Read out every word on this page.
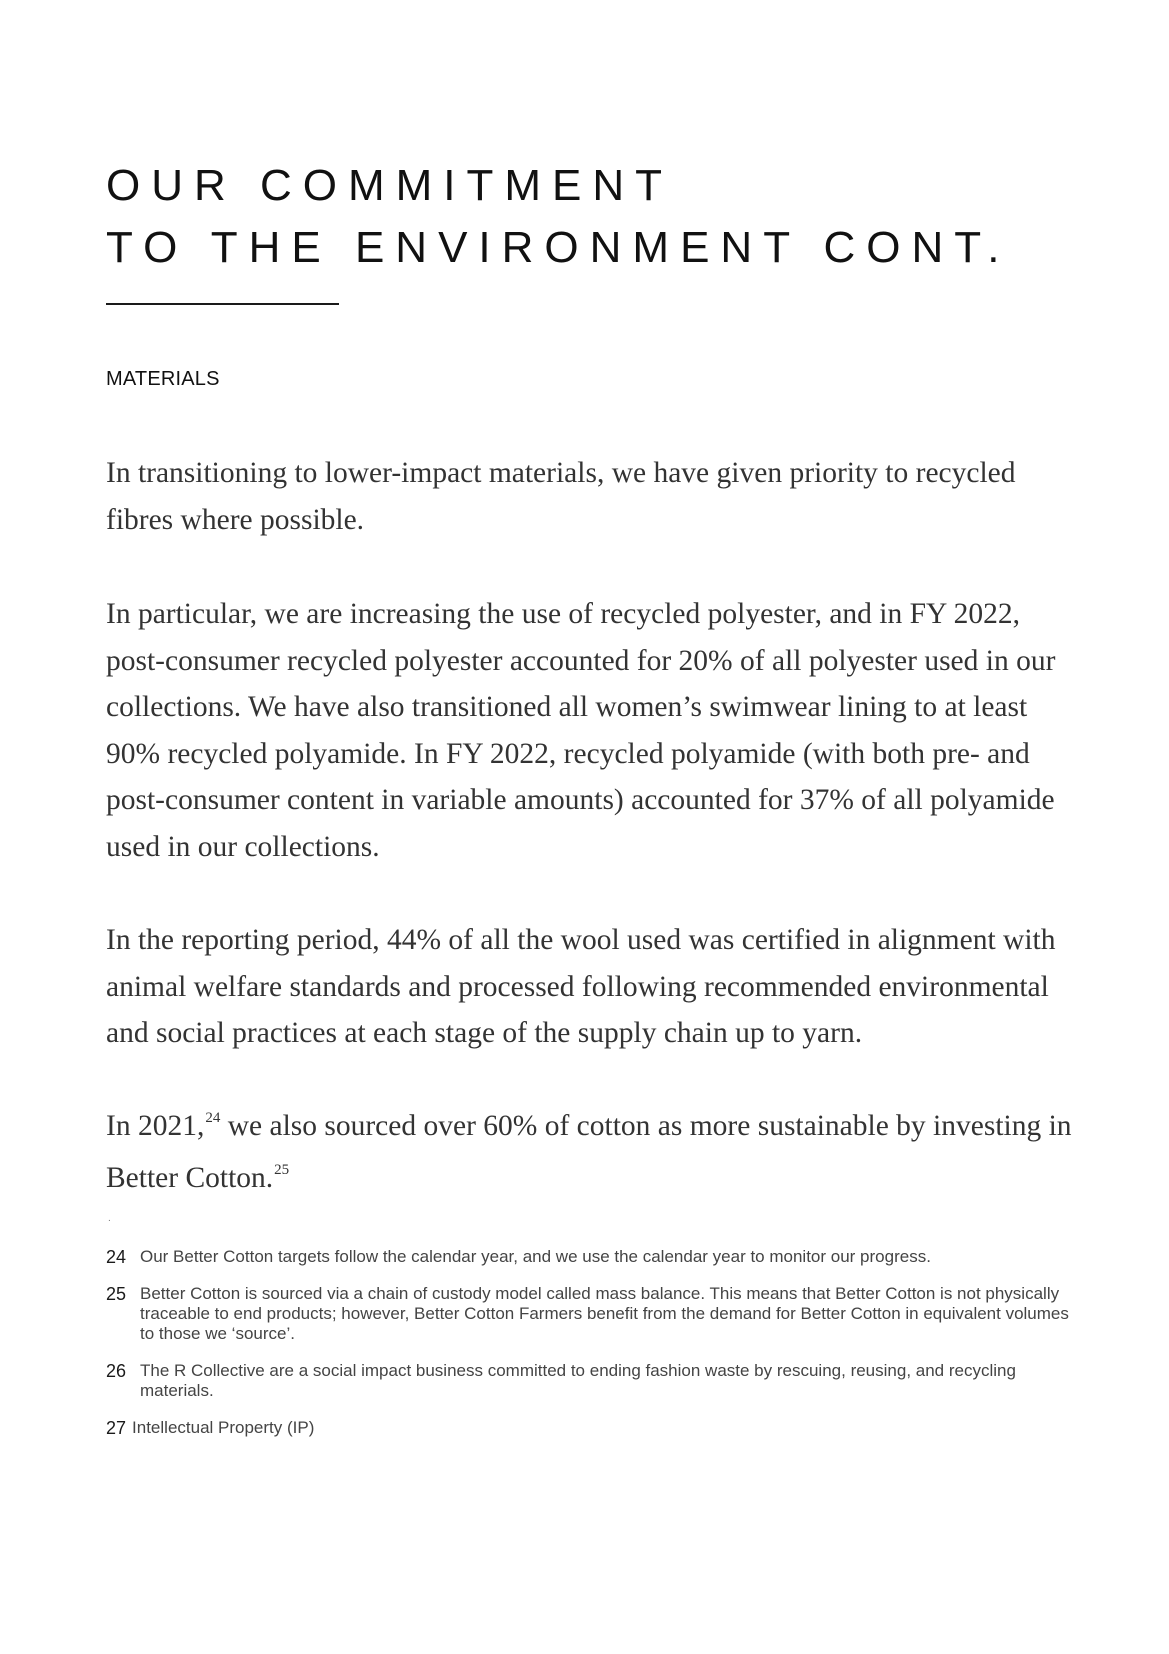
OUR COMMITMENT
TO THE ENVIRONMENT CONT.
MATERIALS

In transitioning to lower-impact materials, we have given priority to recycled fibres where possible.

In particular, we are increasing the use of recycled polyester, and in FY 2022, post-consumer recycled polyester accounted for 20% of all polyester used in our collections. We have also transitioned all women’s swimwear lining to at least 90% recycled polyamide. In FY 2022, recycled polyamide (with both pre- and post-consumer content in variable amounts) accounted for 37% of all polyamide used in our collections.

In the reporting period, 44% of all the wool used was certified in alignment with animal welfare standards and processed following recommended environmental and social practices at each stage of the supply chain up to yarn.

In 2021,24 we also sourced over 60% of cotton as more sustainable by investing in Better Cotton.$^{25}$

.
24 Our Better Cotton targets follow the calendar year, and we use the calendar year to monitor our progress.
25 Better Cotton is sourced via a chain of custody model called mass balance. This means that Better Cotton is not physically traceable to end products; however, Better Cotton Farmers benefit from the demand for Better Cotton in equivalent volumes to those we ‘source’.
26 The R Collective are a social impact business committed to ending fashion waste by rescuing, reusing, and recycling materials.
27 Intellectual Property (IP)
